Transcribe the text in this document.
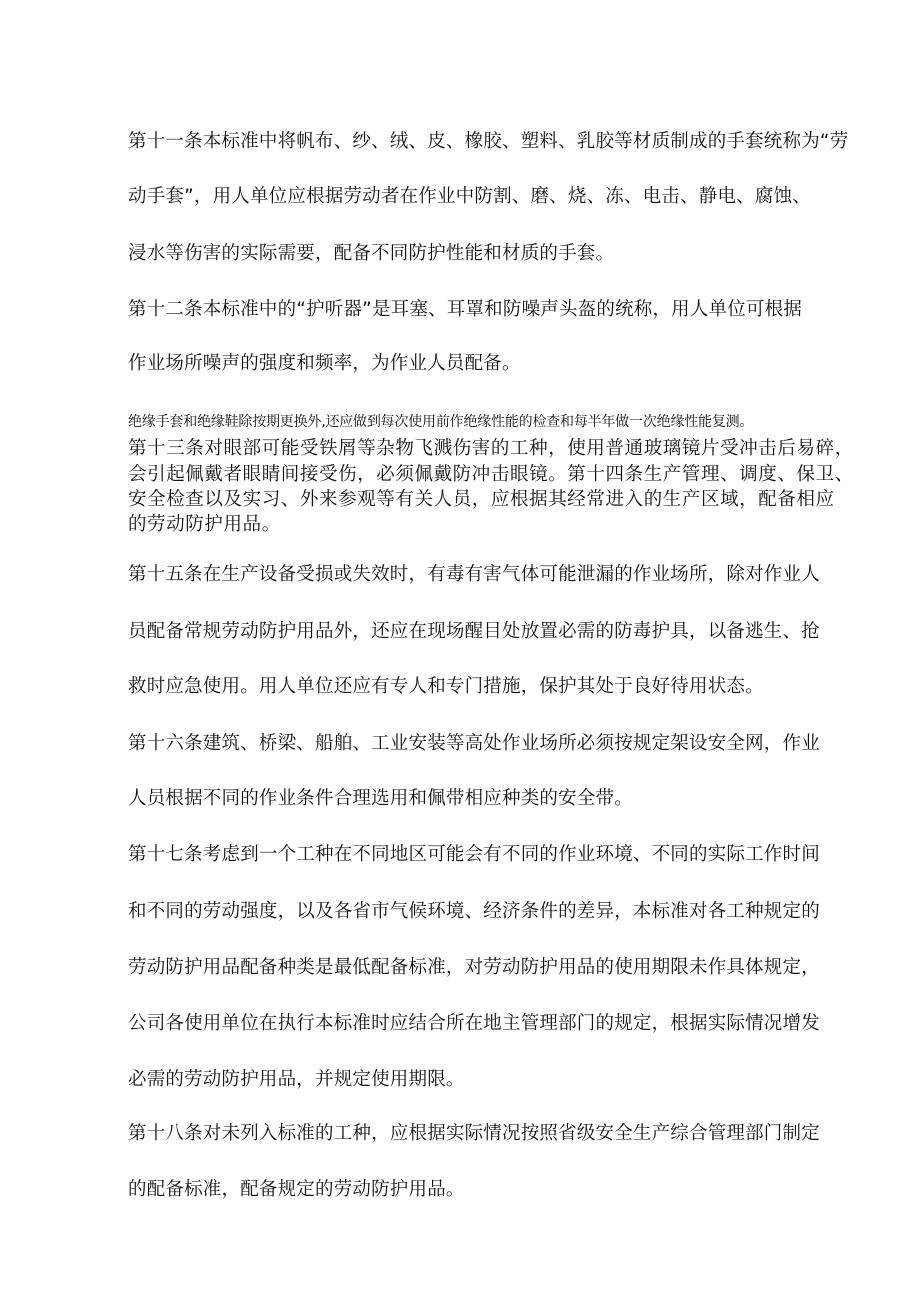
第十一条本标准中将帆布、纱、绒、皮、橡胶、塑料、乳胶等材质制成的手套统称为“劳
动手套”，用人单位应根据劳动者在作业中防割、磨、烧、冻、电击、静电、腐蚀、
浸水等伤害的实际需要，配备不同防护性能和材质的手套。
第十二条本标准中的“护听器”是耳塞、耳罩和防噪声头盔的统称，用人单位可根据
作业场所噪声的强度和频率，为作业人员配备。
绝缘手套和绝缘鞋除按期更换外,还应做到每次使用前作绝缘性能的检查和每半年做一次绝缘性能复测。
第十三条对眼部可能受铁屑等杂物飞溅伤害的工种，使用普通玻璃镜片受冲击后易碎，
会引起佩戴者眼睛间接受伤，必须佩戴防冲击眼镜。第十四条生产管理、调度、保卫、
安全检查以及实习、外来参观等有关人员，应根据其经常进入的生产区域，配备相应
的劳动防护用品。
第十五条在生产设备受损或失效时，有毒有害气体可能泄漏的作业场所，除对作业人
员配备常规劳动防护用品外，还应在现场醒目处放置必需的防毒护具，以备逃生、抢
救时应急使用。用人单位还应有专人和专门措施，保护其处于良好待用状态。
第十六条建筑、桥梁、船舶、工业安装等高处作业场所必须按规定架设安全网，作业
人员根据不同的作业条件合理选用和佩带相应种类的安全带。
第十七条考虑到一个工种在不同地区可能会有不同的作业环境、不同的实际工作时间
和不同的劳动强度，以及各省市气候环境、经济条件的差异，本标准对各工种规定的
劳动防护用品配备种类是最低配备标准，对劳动防护用品的使用期限未作具体规定，
公司各使用单位在执行本标准时应结合所在地主管理部门的规定，根据实际情况增发
必需的劳动防护用品，并规定使用期限。
第十八条对未列入标准的工种，应根据实际情况按照省级安全生产综合管理部门制定
的配备标准，配备规定的劳动防护用品。
